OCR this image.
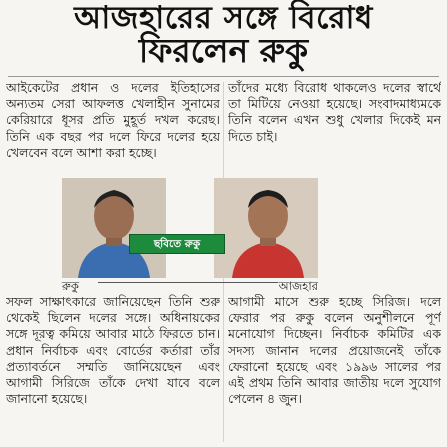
আজহারের সঙ্গে বিরোধ
ফিরলেন রুকু

আইকেটের প্রধান ও দলের ইতিহাসের অন্যতম সেরা আফলত্ত খেলাহীন সুনামের কেরিয়ারে ধূসর প্রতি মুহূর্ত দখল করেছ। তিনি এক বছর পর দলে ফিরে দলের হয়ে খেলবেন বলে আশা করা হচ্ছে।

সফল সাক্ষাৎকারে জানিয়েছেন তিনি শুরু থেকেই ছিলেন দলের সঙ্গে। অধিনায়কের সঙ্গে দূরত্ব কমিয়ে আবার মাঠে ফিরতে চান। প্রধান নির্বাচক এবং বোর্ডের কর্তারা তাঁর প্রত্যাবর্তনে সম্মতি জানিয়েছেন এবং আগামী সিরিজে তাঁকে দেখা যাবে বলে জানানো হয়েছে।

তাঁদের মধ্যে বিরোধ থাকলেও দলের স্বার্থে তা মিটিয়ে নেওয়া হয়েছে। সংবাদমাধ্যমকে তিনি বলেন এখন শুধু খেলার দিকেই মন দিতে চাই।

আগামী মাসে শুরু হচ্ছে সিরিজ। দলে ফেরার পর রুকু বলেন অনুশীলনে পূর্ণ মনোযোগ দিচ্ছেন। নির্বাচক কমিটির এক সদস্য জানান দলের প্রয়োজনেই তাঁকে ফেরানো হয়েছে এবং ১৯৯৬ সালের পর এই প্রথম তিনি আবার জাতীয় দলে সুযোগ পেলেন ৪ জুন।

ছবিতে রুকু
রুকু	আজহার
